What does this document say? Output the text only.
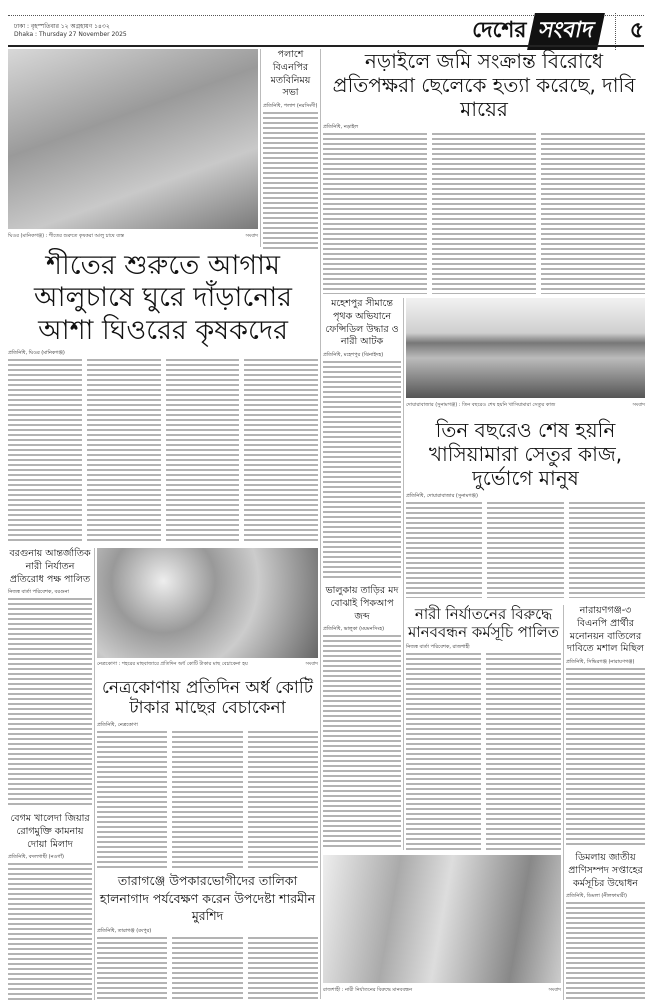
ঢাকা : বৃহস্পতিবার ১২ অগ্রহায়ণ ১৪৩২
Dhaka : Thursday 27 November 2025	দেশের সংবাদ	৫
ঘিওর (মানিকগঞ্জ) : শীতের শুরুতে কৃষকরা আলু চাষে ব্যস্ত	সংবাদ
পলাশে বিএনপির মতবিনিময় সভা
প্রতিনিধি, পলাশ (নরসিংদী)
নড়াইলে জমি সংক্রান্ত বিরোধে প্রতিপক্ষরা ছেলেকে হত্যা করেছে, দাবি মায়ের
প্রতিনিধি, নড়াইল
শীতের শুরুতে আগাম আলুচাষে ঘুরে দাঁড়ানোর আশা ঘিওরের কৃষকদের
প্রতিনিধি, ঘিওর (মানিকগঞ্জ)
মহেশপুর সীমান্তে পৃথক অভিযানে ফেন্সিডিল উদ্ধার ও নারী আটক
প্রতিনিধি, মহেশপুর (ঝিনাইদহ)
দোয়ারাবাজার (সুনামগঞ্জ) : তিন বছরেও শেষ হয়নি খাসিয়ামারা সেতুর কাজ	সংবাদ
তিন বছরেও শেষ হয়নি খাসিয়ামারা সেতুর কাজ, দুর্ভোগে মানুষ
প্রতিনিধি, দোয়ারাবাজার (সুনামগঞ্জ)
বরগুনায় আন্তর্জাতিক নারী নির্যাতন প্রতিরোধ পক্ষ পালিত
নিজস্ব বার্তা পরিবেশক, বরগুনা
নেত্রকোণা : শহরের মাছবাজারে প্রতিদিন অর্ধ কোটি টাকার মাছ বেচাকেনা হয়	সংবাদ
নেত্রকোণায় প্রতিদিন অর্ধ কোটি টাকার মাছের বেচাকেনা
প্রতিনিধি, নেত্রকোণা
ভালুকায় তাড়ির মদ বোঝাই পিকআপ জব্দ
প্রতিনিধি, ভালুকা (ময়মনসিংহ)
নারী নির্যাতনের বিরুদ্ধে মানববন্ধন কর্মসূচি পালিত
নিজস্ব বার্তা পরিবেশক, রাজশাহী
নারায়ণগঞ্জ-৩ বিএনপি প্রার্থীর মনোনয়ন বাতিলের দাবিতে মশাল মিছিল
প্রতিনিধি, সিদ্ধিরগঞ্জ (নারায়ণগঞ্জ)
বেগম খালেদা জিয়ার রোগমুক্তি কামনায় দোয়া মিলাদ
প্রতিনিধি, বদলগাছী (নওগাঁ)
তারাগঞ্জে উপকারভোগীদের তালিকা হালনাগাদ পর্যবেক্ষণ করেন উপদেষ্টা শারমীন মুরশিদ
প্রতিনিধি, তারাগঞ্জ (রংপুর)
রাজশাহী : নারী নির্যাতনের বিরুদ্ধে মানববন্ধন	সংবাদ
ডিমলায় জাতীয় প্রাণিসম্পদ সপ্তাহের কর্মসূচির উদ্বোধন
প্রতিনিধি, ডিমলা (নীলফামারী)
